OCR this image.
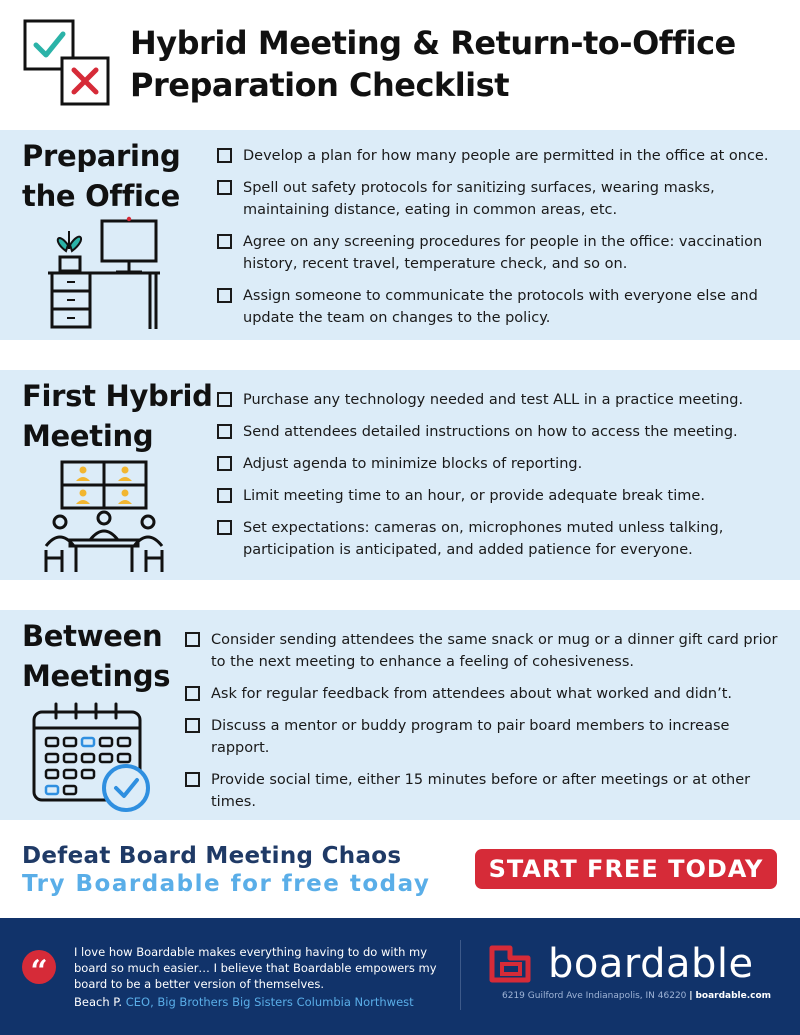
Hybrid Meeting & Return-to-Office
Preparation Checklist
Preparing
the Office
Develop a plan for how many people are permitted in the office at once.
Spell out safety protocols for sanitizing surfaces, wearing masks, maintaining distance, eating in common areas, etc.
Agree on any screening procedures for people in the office: vaccination history, recent travel, temperature check, and so on.
Assign someone to communicate the protocols with everyone else and update the team on changes to the policy.
First Hybrid
Meeting
Purchase any technology needed and test ALL in a practice meeting.
Send attendees detailed instructions on how to access the meeting.
Adjust agenda to minimize blocks of reporting.
Limit meeting time to an hour, or provide adequate break time.
Set expectations: cameras on, microphones muted unless talking, participation is anticipated, and added patience for everyone.
Between
Meetings
Consider sending attendees the same snack or mug or a dinner gift card prior to the next meeting to enhance a feeling of cohesiveness.
Ask for regular feedback from attendees about what worked and didn’t.
Discuss a mentor or buddy program to pair board members to increase rapport.
Provide social time, either 15 minutes before or after meetings or at other times.
Defeat Board Meeting Chaos
Try Boardable for free today
START FREE TODAY
“
I love how Boardable makes everything having to do with my board so much easier… I believe that Boardable empowers my board to be a better version of themselves.
Beach P. CEO, Big Brothers Big Sisters Columbia Northwest
boardable
6219 Guilford Ave Indianapolis, IN 46220 | boardable.com
